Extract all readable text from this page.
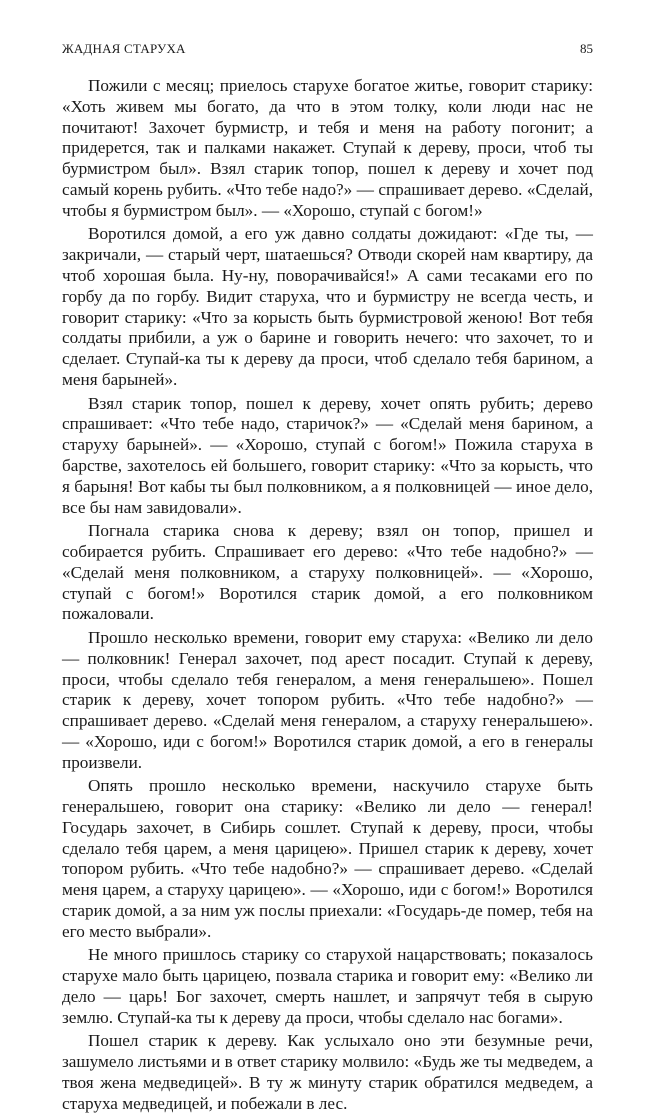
ЖАДНАЯ СТАРУХА	85

Пожили с месяц; приелось старухе богатое житье, говорит старику: «Хоть живем мы богато, да что в этом толку, коли люди нас не почитают! Захочет бурмистр, и тебя и меня на работу погонит; а придерется, так и палками накажет. Ступай к дереву, проси, чтоб ты бурмистром был». Взял старик топор, пошел к дереву и хочет под самый корень рубить. «Что тебе надо?» — спрашивает дерево. «Сделай, чтобы я бурмистром был». — «Хорошо, ступай с богом!»

Воротился домой, а его уж давно солдаты дожидают: «Где ты, — закричали, — старый черт, шатаешься? Отводи скорей нам квартиру, да чтоб хорошая была. Ну-ну, поворачивайся!» А сами тесаками его по горбу да по горбу. Видит старуха, что и бурмистру не всегда честь, и говорит старику: «Что за корысть быть бурмистровой женою! Вот тебя солдаты прибили, а уж о барине и говорить нечего: что захочет, то и сделает. Ступай-ка ты к дереву да проси, чтоб сделало тебя барином, а меня барыней».

Взял старик топор, пошел к дереву, хочет опять рубить; дерево спрашивает: «Что тебе надо, старичок?» — «Сделай меня барином, а старуху барыней». — «Хорошо, ступай с богом!» Пожила старуха в барстве, захотелось ей большего, говорит старику: «Что за корысть, что я барыня! Вот кабы ты был полковником, а я полковницей — иное дело, все бы нам завидовали».

Погнала старика снова к дереву; взял он топор, пришел и собирается рубить. Спрашивает его дерево: «Что тебе надобно?» — «Сделай меня полковником, а старуху полковницей». — «Хорошо, ступай с богом!» Воротился старик домой, а его полковником пожаловали.

Прошло несколько времени, говорит ему старуха: «Велико ли дело — полковник! Генерал захочет, под арест посадит. Ступай к дереву, проси, чтобы сделало тебя генералом, а меня генеральшею». Пошел старик к дереву, хочет топором рубить. «Что тебе надобно?» — спрашивает дерево. «Сделай меня генералом, а старуху генеральшею». — «Хорошо, иди с богом!» Воротился старик домой, а его в генералы произвели.

Опять прошло несколько времени, наскучило старухе быть генеральшею, говорит она старику: «Велико ли дело — генерал! Государь захочет, в Сибирь сошлет. Ступай к дереву, проси, чтобы сделало тебя царем, а меня царицею». Пришел старик к дереву, хочет топором рубить. «Что тебе надобно?» — спрашивает дерево. «Сделай меня царем, а старуху царицею». — «Хорошо, иди с богом!» Воротился старик домой, а за ним уж послы приехали: «Государь-де помер, тебя на его место выбрали».

Не много пришлось старику со старухой нацарствовать; показалось старухе мало быть царицею, позвала старика и говорит ему: «Велико ли дело — царь! Бог захочет, смерть нашлет, и запрячут тебя в сырую землю. Ступай-ка ты к дереву да проси, чтобы сделало нас богами».

Пошел старик к дереву. Как услыхало оно эти безумные речи, зашумело листьями и в ответ старику молвило: «Будь же ты медведем, а твоя жена медведицей». В ту ж минуту старик обратился медведем, а старуха медведицей, и побежали в лес.
